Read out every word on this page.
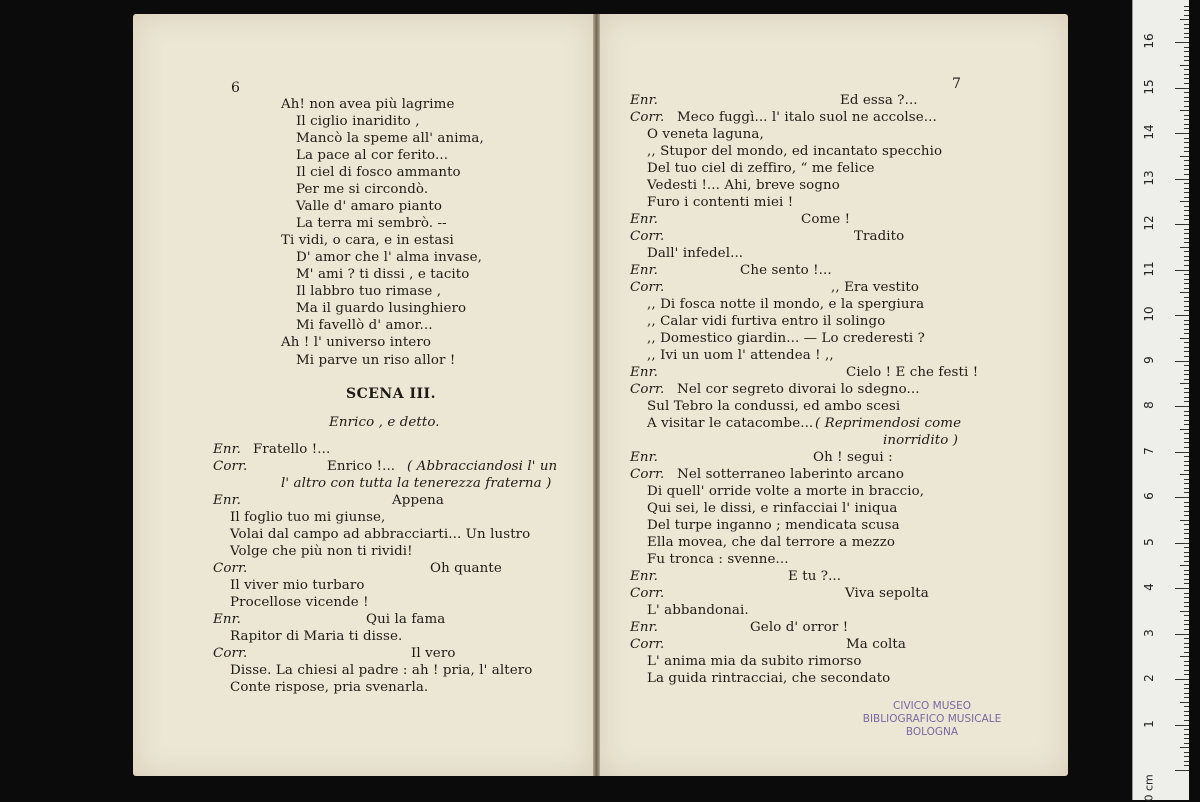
6
Ah! non avea più lagrime
Il ciglio inaridito ,
Mancò la speme all' anima,
La pace al cor ferito...
Il ciel di fosco ammanto
Per me si circondò.
Valle d' amaro pianto
La terra mi sembrò. --
Ti vidi, o cara, e in estasi
D' amor che l' alma invase,
M' ami ? ti dissi , e tacito
Il labbro tuo rimase ,
Ma il guardo lusinghiero
Mi favellò d' amor...
Ah ! l' universo intero
Mi parve un riso allor !
SCENA III.
Enrico , e detto.
Enr. Fratello !...
Corr.	Enrico !... ( Abbracciandosi l' un
l' altro con tutta la tenerezza fraterna )
Enr.	Appena
Il foglio tuo mi giunse,
Volai dal campo ad abbracciarti... Un lustro
Volge che più non ti rividi!
Corr.	Oh quante
Il viver mio turbaro
Procellose vicende !
Enr.	Qui la fama
Rapitor di Maria ti disse.
Corr.	Il vero
Disse. La chiesi al padre : ah ! pria, l' altero
Conte rispose, pria svenarla.
7
Enr.	Ed essa ?...
Corr. Meco fuggì... l' italo suol ne accolse...
O veneta laguna,
,, Stupor del mondo, ed incantato specchio
Del tuo ciel di zeffiro, “ me felice
Vedesti !... Ahi, breve sogno
Furo i contenti miei !
Enr.	Come !
Corr.	Tradito
Dall' infedel...
Enr.	Che sento !...
Corr.	,, Era vestito
,, Di fosca notte il mondo, e la spergiura
,, Calar vidi furtiva entro il solingo
,, Domestico giardin... — Lo crederesti ?
,, Ivi un uom l' attendea ! ,,
Enr.	Cielo ! E che festi !
Corr. Nel cor segreto divorai lo sdegno...
Sul Tebro la condussi, ed ambo scesi
A visitar le catacombe... ( Reprimendosi come
inorridito )
Enr.	Oh ! segui :
Corr. Nel sotterraneo laberinto arcano
Di quell' orride volte a morte in braccio,
Qui sei, le dissi, e rinfacciai l' iniqua
Del turpe inganno ; mendicata scusa
Ella movea, che dal terrore a mezzo
Fu tronca : svenne...
Enr.	E tu ?...
Corr.	Viva sepolta
L' abbandonai.
Enr.	Gelo d' orror !
Corr.	Ma colta
L' anima mia da subito rimorso
La guida rintracciai, che secondato
CIVICO MUSEO
BIBLIOGRAFICO MUSICALE
BOLOGNA
0 cm
1
2
3
4
5
6
7
8
9
10
11
12
13
14
15
16
